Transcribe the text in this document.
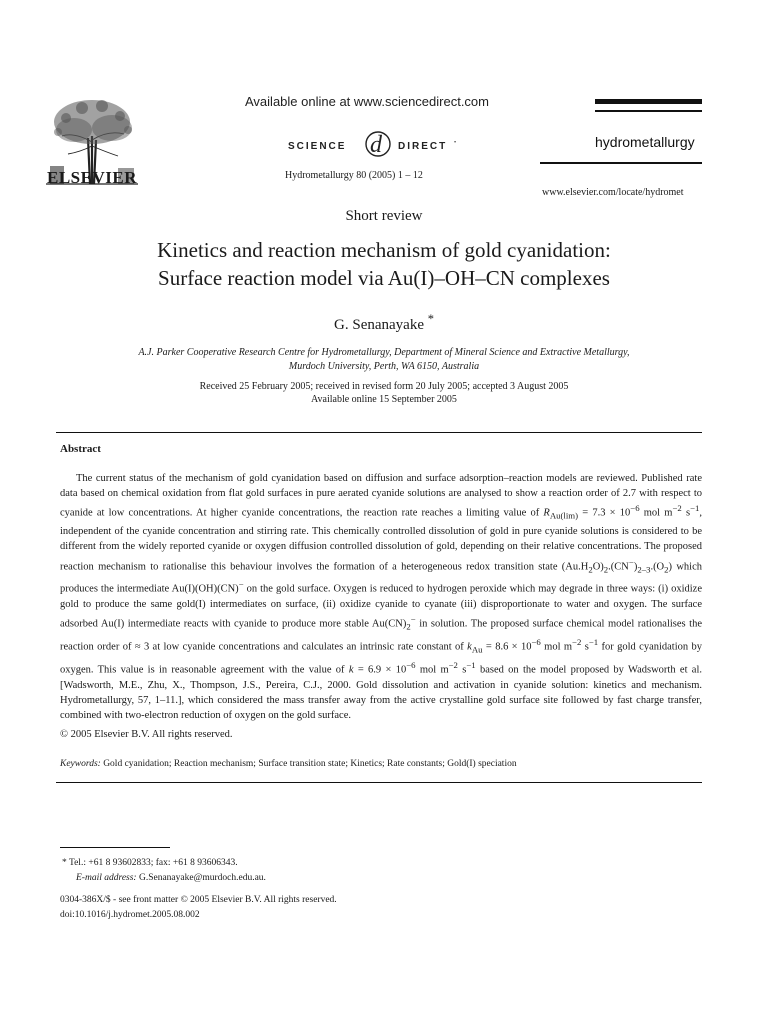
ELSEVIER
Available online at www.sciencedirect.com
SCIENCE d DIRECT •
Hydrometallurgy 80 (2005) 1 – 12
hydrometallurgy
www.elsevier.com/locate/hydromet
Short review
Kinetics and reaction mechanism of gold cyanidation:
Surface reaction model via Au(I)–OH–CN complexes
G. Senanayake *
A.J. Parker Cooperative Research Centre for Hydrometallurgy, Department of Mineral Science and Extractive Metallurgy,
Murdoch University, Perth, WA 6150, Australia
Received 25 February 2005; received in revised form 20 July 2005; accepted 3 August 2005
Available online 15 September 2005
Abstract

The current status of the mechanism of gold cyanidation based on diffusion and surface adsorption–reaction models are reviewed. Published rate data based on chemical oxidation from flat gold surfaces in pure aerated cyanide solutions are analysed to show a reaction order of 2.7 with respect to cyanide at low concentrations. At higher cyanide concentrations, the reaction rate reaches a limiting value of $R_{Au(lim)} = 7.3 \times 10^{-6}$ mol $m^{-2}$ $s^{-1}$, independent of the cyanide concentration and stirring rate. This chemically controlled dissolution of gold in pure cyanide solutions is considered to be different from the widely reported cyanide or oxygen diffusion controlled dissolution of gold, depending on their relative concentrations. The proposed reaction mechanism to rationalise this behaviour involves the formation of a heterogeneous redox transition state $(Au.H_2O)_2.(CN^-)_{2-3}.(O_2)$ which produces the intermediate Au(I)(OH)(CN)− on the gold surface. Oxygen is reduced to hydrogen peroxide which may degrade in three ways: (i) oxidize gold to produce the same gold(I) intermediates on surface, (ii) oxidize cyanide to cyanate (iii) disproportionate to water and oxygen. The surface adsorbed Au(I) intermediate reacts with cyanide to produce more stable $Au(CN)_2^-$ in solution. The proposed surface chemical model rationalises the reaction order of ≈ 3 at low cyanide concentrations and calculates an intrinsic rate constant of $k_{Au} = 8.6 \times 10^{-6}$ mol $m^{-2}$ $s^{-1}$ for gold cyanidation by oxygen. This value is in reasonable agreement with the value of $k = 6.9 \times 10^{-6}$ mol $m^{-2}$ $s^{-1}$ based on the model proposed by Wadsworth et al. [Wadsworth, M.E., Zhu, X., Thompson, J.S., Pereira, C.J., 2000. Gold dissolution and activation in cyanide solution: kinetics and mechanism. Hydrometallurgy, 57, 1–11.], which considered the mass transfer away from the active crystalline gold surface site followed by fast charge transfer, combined with two-electron reduction of oxygen on the gold surface.

© 2005 Elsevier B.V. All rights reserved.
Keywords: Gold cyanidation; Reaction mechanism; Surface transition state; Kinetics; Rate constants; Gold(I) speciation
* Tel.: +61 8 93602833; fax: +61 8 93606343.
E-mail address: G.Senanayake@murdoch.edu.au.
0304-386X/$ - see front matter © 2005 Elsevier B.V. All rights reserved.
doi:10.1016/j.hydromet.2005.08.002
